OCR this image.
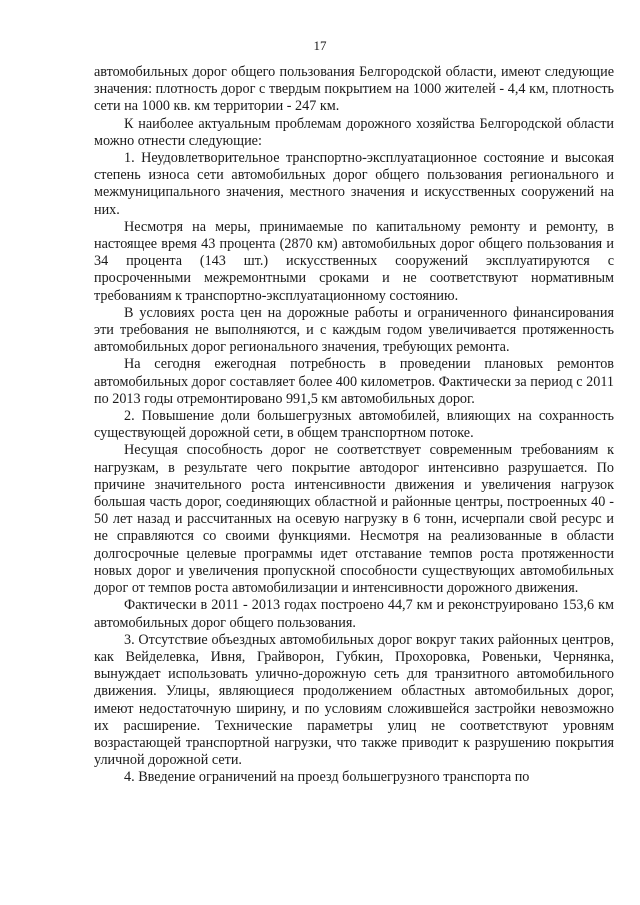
17

автомобильных дорог общего пользования Белгородской области, имеют следующие значения: плотность дорог с твердым покрытием на 1000 жителей - 4,4 км, плотность сети на 1000 кв. км территории - 247 км.

К наиболее актуальным проблемам дорожного хозяйства Белгородской области можно отнести следующие:

1. Неудовлетворительное транспортно-эксплуатационное состояние и высокая степень износа сети автомобильных дорог общего пользования регионального и межмуниципального значения, местного значения и искусственных сооружений на них.

Несмотря на меры, принимаемые по капитальному ремонту и ремонту, в настоящее время 43 процента (2870 км) автомобильных дорог общего пользования и 34 процента (143 шт.) искусственных сооружений эксплуатируются с просроченными межремонтными сроками и не соответствуют нормативным требованиям к транспортно-эксплуатационному состоянию.

В условиях роста цен на дорожные работы и ограниченного финансирования эти требования не выполняются, и с каждым годом увеличивается протяженность автомобильных дорог регионального значения, требующих ремонта.

На сегодня ежегодная потребность в проведении плановых ремонтов автомобильных дорог составляет более 400 километров. Фактически за период с 2011 по 2013 годы отремонтировано 991,5 км автомобильных дорог.

2. Повышение доли большегрузных автомобилей, влияющих на сохранность существующей дорожной сети, в общем транспортном потоке.

Несущая способность дорог не соответствует современным требованиям к нагрузкам, в результате чего покрытие автодорог интенсивно разрушается. По причине значительного роста интенсивности движения и увеличения нагрузок большая часть дорог, соединяющих областной и районные центры, построенных 40 - 50 лет назад и рассчитанных на осевую нагрузку в 6 тонн, исчерпали свой ресурс и не справляются со своими функциями. Несмотря на реализованные в области долгосрочные целевые программы идет отставание темпов роста протяженности новых дорог и увеличения пропускной способности существующих автомобильных дорог от темпов роста автомобилизации и интенсивности дорожного движения.

Фактически в 2011 - 2013 годах построено 44,7 км и реконструировано 153,6 км автомобильных дорог общего пользования.

3. Отсутствие объездных автомобильных дорог вокруг таких районных центров, как Вейделевка, Ивня, Грайворон, Губкин, Прохоровка, Ровеньки, Чернянка, вынуждает использовать улично-дорожную сеть для транзитного автомобильного движения. Улицы, являющиеся продолжением областных автомобильных дорог, имеют недостаточную ширину, и по условиям сложившейся застройки невозможно их расширение. Технические параметры улиц не соответствуют уровням возрастающей транспортной нагрузки, что также приводит к разрушению покрытия уличной дорожной сети.

4. Введение ограничений на проезд большегрузного транспорта по
